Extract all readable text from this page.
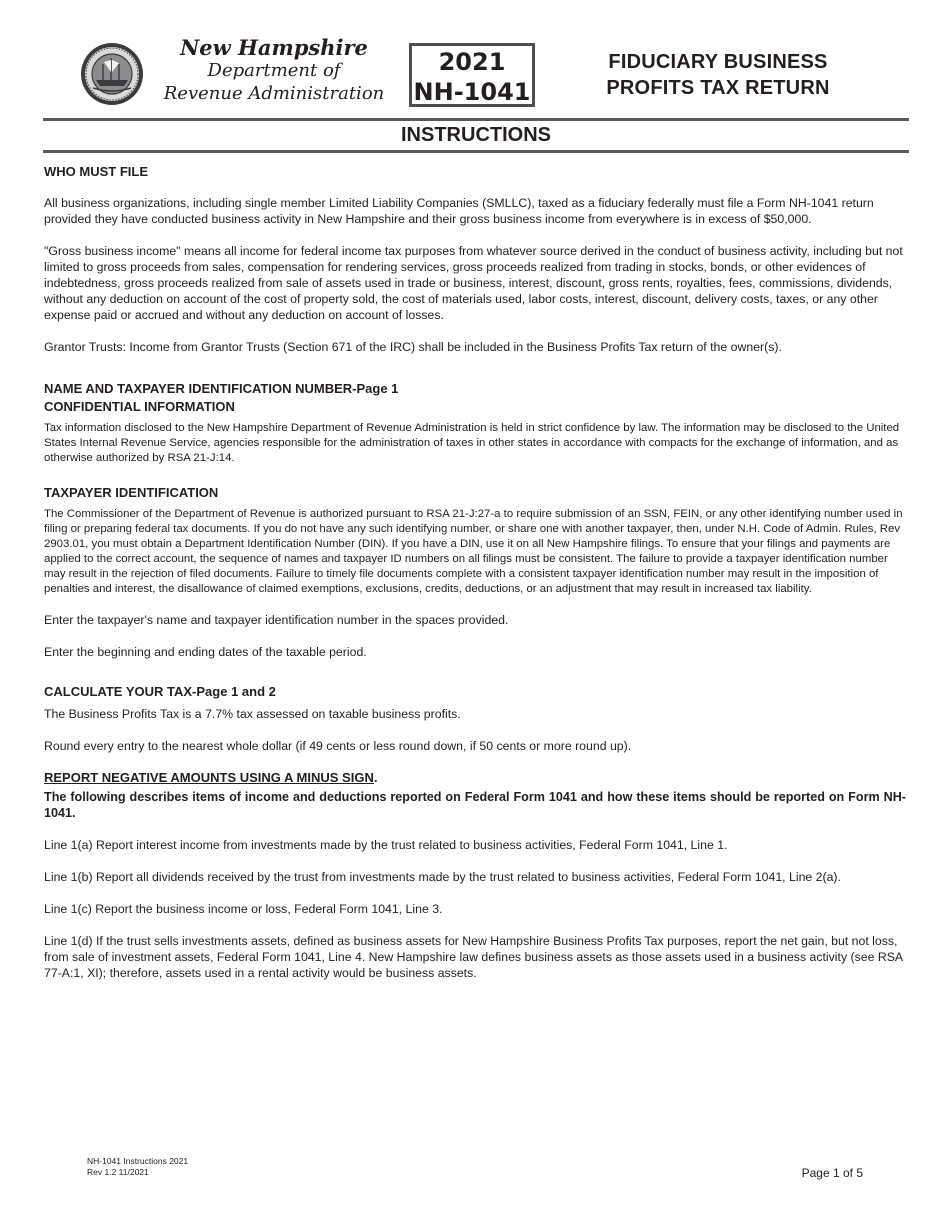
New Hampshire
Department of
Revenue Administration
2021
NH-1041
FIDUCIARY BUSINESS
PROFITS TAX RETURN
INSTRUCTIONS
WHO MUST FILE
All business organizations, including single member Limited Liability Companies (SMLLC), taxed as a fiduciary federally must file a Form NH-1041 return provided they have conducted business activity in New Hampshire and their gross business income from everywhere is in excess of $50,000.
"Gross business income" means all income for federal income tax purposes from whatever source derived in the conduct of business activity, including but not limited to gross proceeds from sales, compensation for rendering services, gross proceeds realized from trading in stocks, bonds, or other evidences of indebtedness, gross proceeds realized from sale of assets used in trade or business, interest, discount, gross rents, royalties, fees, commissions, dividends, without any deduction on account of the cost of property sold, the cost of materials used, labor costs, interest, discount, delivery costs, taxes, or any other expense paid or accrued and without any deduction on account of losses.
Grantor Trusts: Income from Grantor Trusts (Section 671 of the IRC) shall be included in the Business Profits Tax return of the owner(s).
NAME AND TAXPAYER IDENTIFICATION NUMBER-Page 1
CONFIDENTIAL INFORMATION
Tax information disclosed to the New Hampshire Department of Revenue Administration is held in strict confidence by law. The information may be disclosed to the United States Internal Revenue Service, agencies responsible for the administration of taxes in other states in accordance with compacts for the exchange of information, and as otherwise authorized by RSA 21-J:14.
TAXPAYER IDENTIFICATION
The Commissioner of the Department of Revenue is authorized pursuant to RSA 21-J:27-a to require submission of an SSN, FEIN, or any other identifying number used in filing or preparing federal tax documents. If you do not have any such identifying number, or share one with another taxpayer, then, under N.H. Code of Admin. Rules, Rev 2903.01, you must obtain a Department Identification Number (DIN). If you have a DIN, use it on all New Hampshire filings. To ensure that your filings and payments are applied to the correct account, the sequence of names and taxpayer ID numbers on all filings must be consistent. The failure to provide a taxpayer identification number may result in the rejection of filed documents. Failure to timely file documents complete with a consistent taxpayer identification number may result in the imposition of penalties and interest, the disallowance of claimed exemptions, exclusions, credits, deductions, or an adjustment that may result in increased tax liability.
Enter the taxpayer's name and taxpayer identification number in the spaces provided.
Enter the beginning and ending dates of the taxable period.
CALCULATE YOUR TAX-Page 1 and 2
The Business Profits Tax is a 7.7% tax assessed on taxable business profits.
Round every entry to the nearest whole dollar (if 49 cents or less round down, if 50 cents or more round up).
REPORT NEGATIVE AMOUNTS USING A MINUS SIGN.
The following describes items of income and deductions reported on Federal Form 1041 and how these items should be reported on Form NH-1041.
Line 1(a) Report interest income from investments made by the trust related to business activities, Federal Form 1041, Line 1.
Line 1(b) Report all dividends received by the trust from investments made by the trust related to business activities, Federal Form 1041, Line 2(a).
Line 1(c) Report the business income or loss, Federal Form 1041, Line 3.
Line 1(d) If the trust sells investments assets, defined as business assets for New Hampshire Business Profits Tax purposes, report the net gain, but not loss, from sale of investment assets, Federal Form 1041, Line 4. New Hampshire law defines business assets as those assets used in a business activity (see RSA 77-A:1, XI); therefore, assets used in a rental activity would be business assets.
NH-1041 Instructions 2021
Rev 1.2 11/2021	Page 1 of 5
